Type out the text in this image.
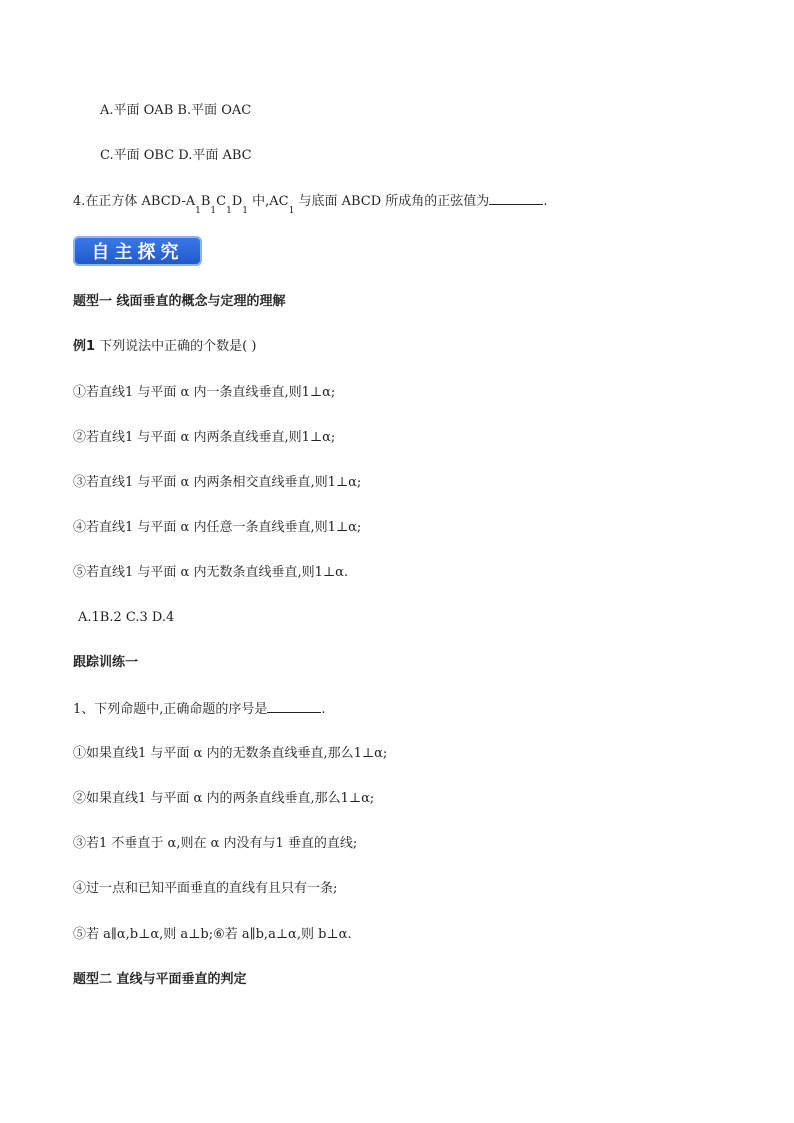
A.平面 OAB B.平面 OAC
C.平面 OBC D.平面 ABC
4.在正方体 ABCD-$A_1B_1C_1D_1$ 中$,AC_1$ 与底面 ABCD 所成角的正弦值为	.
自主探究
题型一 线面垂直的概念与定理的理解
例1 下列说法中正确的个数是( )
①若直线1 与平面 α 内一条直线垂直,则1⊥α;
②若直线1 与平面 α 内两条直线垂直,则1⊥α;
③若直线1 与平面 α 内两条相交直线垂直,则1⊥α;
④若直线1 与平面 α 内任意一条直线垂直,则1⊥α;
⑤若直线1 与平面 α 内无数条直线垂直,则1⊥α.
A.1B.2 C.3 D.4
跟踪训练一
1、下列命题中,正确命题的序号是	.
①如果直线1 与平面 α 内的无数条直线垂直,那么1⊥α;
②如果直线1 与平面 α 内的两条直线垂直,那么1⊥α;
③若1 不垂直于 α,则在 α 内没有与1 垂直的直线;
④过一点和已知平面垂直的直线有且只有一条;
⑤若 a∥α,b⊥α,则 a⊥b;⑥若 a∥b,a⊥α,则 b⊥α.
题型二 直线与平面垂直的判定
